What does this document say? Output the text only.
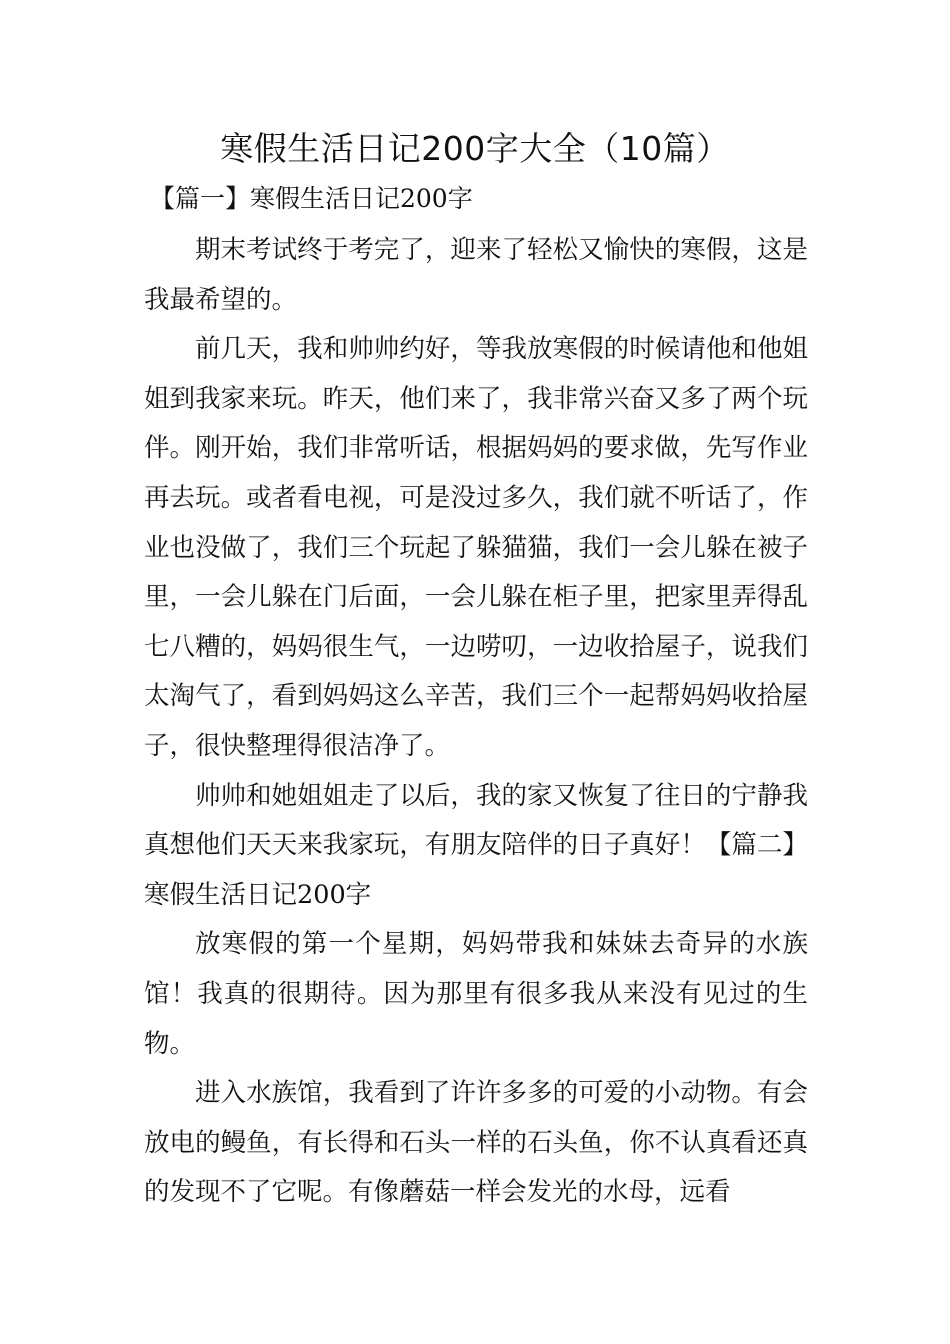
寒假生活日记200字大全（10篇）
【篇一】寒假生活日记200字

期末考试终于考完了，迎来了轻松又愉快的寒假，这是我最希望的。

前几天，我和帅帅约好，等我放寒假的时候请他和他姐姐到我家来玩。昨天，他们来了，我非常兴奋又多了两个玩伴。刚开始，我们非常听话，根据妈妈的要求做，先写作业再去玩。或者看电视，可是没过多久，我们就不听话了，作业也没做了，我们三个玩起了躲猫猫，我们一会儿躲在被子里，一会儿躲在门后面，一会儿躲在柜子里，把家里弄得乱七八糟的，妈妈很生气，一边唠叨，一边收拾屋子，说我们太淘气了，看到妈妈这么辛苦，我们三个一起帮妈妈收拾屋子，很快整理得很洁净了。

帅帅和她姐姐走了以后，我的家又恢复了往日的宁静我真想他们天天来我家玩，有朋友陪伴的日子真好！【篇二】寒假生活日记200字

放寒假的第一个星期，妈妈带我和妹妹去奇异的水族馆！我真的很期待。因为那里有很多我从来没有见过的生物。

进入水族馆，我看到了许许多多的可爱的小动物。有会放电的鳗鱼，有长得和石头一样的石头鱼，你不认真看还真的发现不了它呢。有像蘑菇一样会发光的水母，远看
